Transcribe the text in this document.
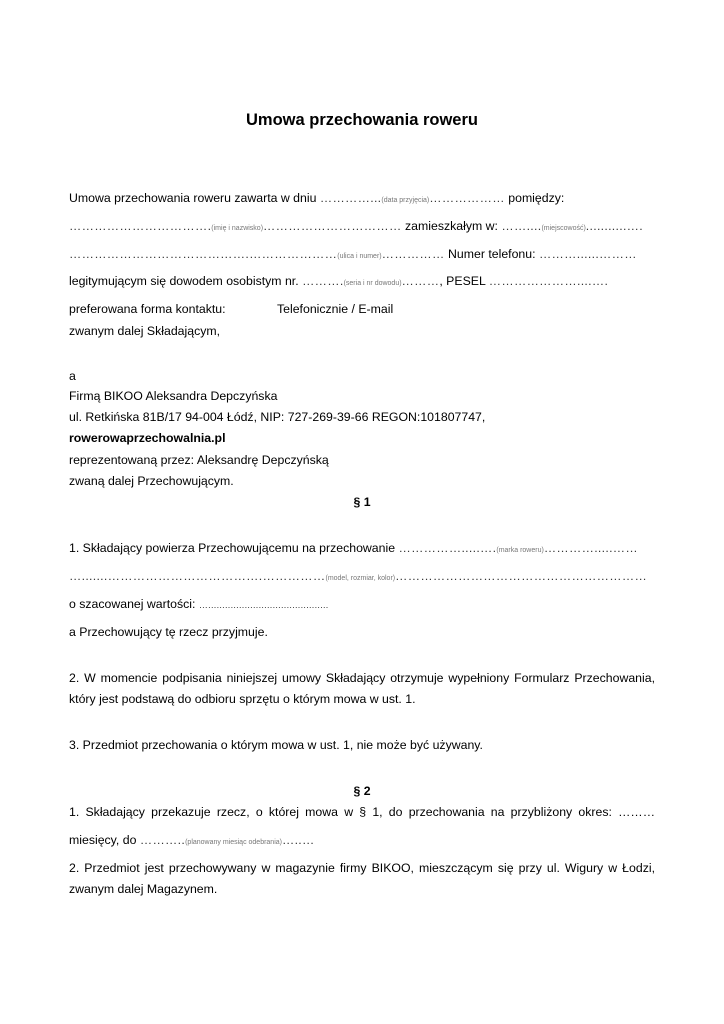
Umowa przechowania roweru
Umowa przechowania roweru zawarta w dniu …………...(data przyjęcia)……………… pomiędzy:
…………………………….(imię i nazwisko)…………………………… zamieszkałym w: ……....(miejscowość)...........….
…………………………………….…………………(ulica i numer)…………… Numer telefonu: ………......………
legitymującym się dowodem osobistym nr. ……….(seria i nr dowodu)………, PESEL …………………....….
preferowana forma kontaktu:	Telefonicznie / E-mail
zwanym dalej Składającym,
a
Firmą BIKOO Aleksandra Depczyńska
ul. Retkińska 81B/17 94-004 Łódź, NIP: 727-269-39-66 REGON:101807747,
rowerowaprzechowalnia.pl
reprezentowaną przez: Aleksandrę Depczyńską
zwaną dalej Przechowującym.
§ 1
1. Składający powierza Przechowującemu na przechowanie …………….....….(marka roweru)………….....……
….......……………………………….……………(model, rozmiar, kolor)……………………………………………………
o szacowanej wartości: …...........................................
a Przechowujący tę rzecz przyjmuje.
2. W momencie podpisania niniejszej umowy Składający otrzymuje wypełniony Formularz Przechowania,
który jest podstawą do odbioru sprzętu o którym mowa w ust. 1.
3. Przedmiot przechowania o którym mowa w ust. 1, nie może być używany.
§ 2
1. Składający przekazuje rzecz, o której mowa w § 1, do przechowania na przybliżony okres: ………
miesięcy, do ………..(planowany miesiąc odebrania)…..…
2. Przedmiot jest przechowywany w magazynie firmy BIKOO, mieszczącym się przy ul. Wigury w Łodzi,
zwanym dalej Magazynem.
